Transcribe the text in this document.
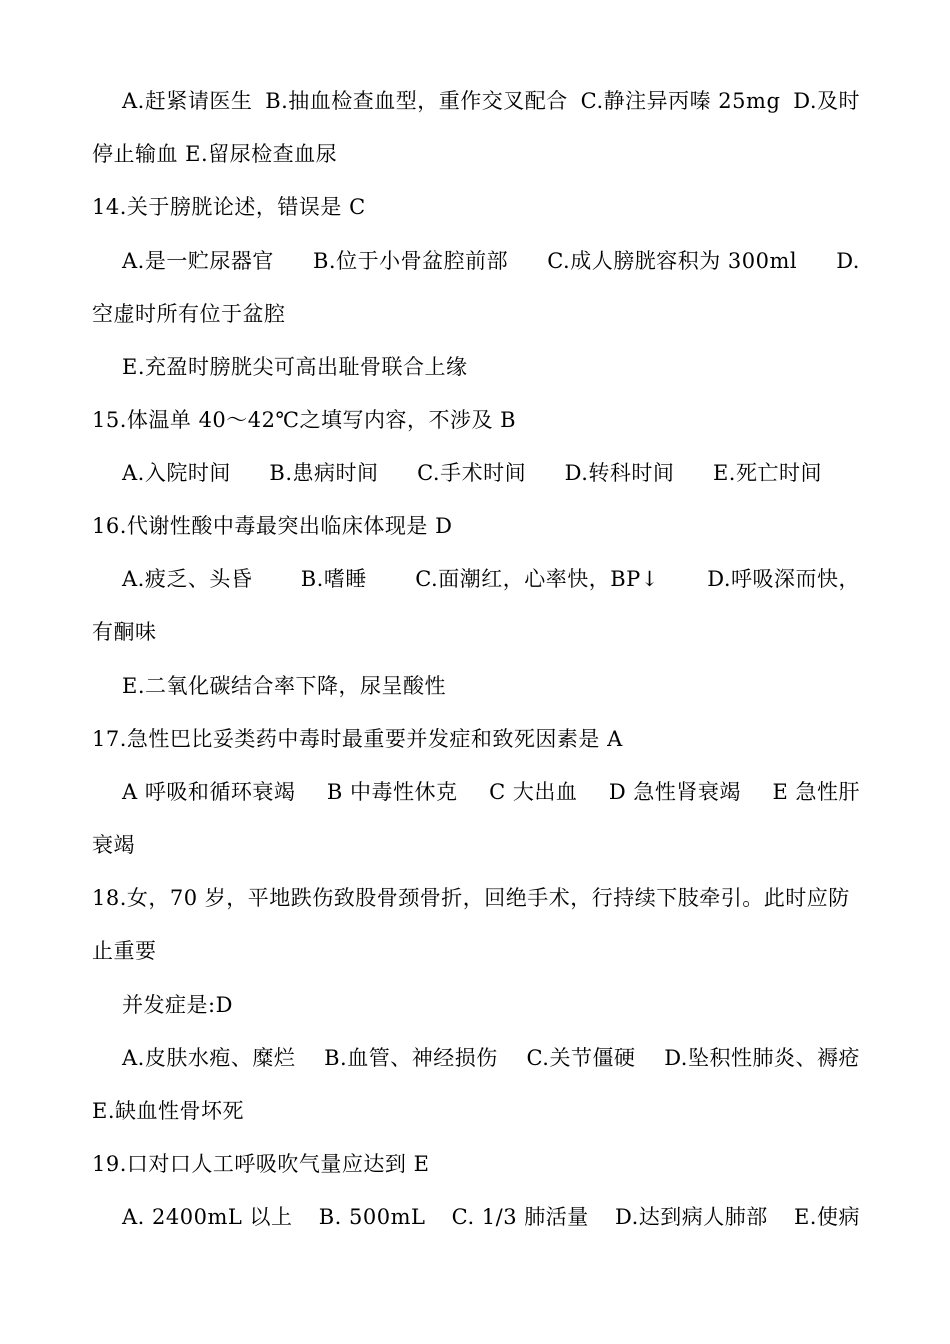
A.赶紧请医生 B.抽血检查血型，重作交叉配合 C.静注异丙嗪 25mg D.及时
停止输血 E.留尿检查血尿
14.关于膀胱论述，错误是 C
A.是一贮尿器官 B.位于小骨盆腔前部 C.成人膀胱容积为 300ml D.
空虚时所有位于盆腔
E.充盈时膀胱尖可高出耻骨联合上缘
15.体温单 40～42℃之填写内容，不涉及 B
A.入院时间 B.患病时间 C.手术时间 D.转科时间 E.死亡时间
16.代谢性酸中毒最突出临床体现是 D
A.疲乏、头昏 B.嗜睡 C.面潮红，心率快，BP↓ D.呼吸深而快，
有酮味
E.二氧化碳结合率下降，尿呈酸性
17.急性巴比妥类药中毒时最重要并发症和致死因素是 A
A 呼吸和循环衰竭 B 中毒性休克 C 大出血 D 急性肾衰竭 E 急性肝
衰竭
18.女，70 岁，平地跌伤致股骨颈骨折，回绝手术，行持续下肢牵引。此时应防
止重要
并发症是:D
A.皮肤水疱、糜烂 B.血管、神经损伤 C.关节僵硬 D.坠积性肺炎、褥疮
E.缺血性骨坏死
19.口对口人工呼吸吹气量应达到 E
A. 2400mL 以上 B. 500mL C. 1/3 肺活量 D.达到病人肺部 E.使病
